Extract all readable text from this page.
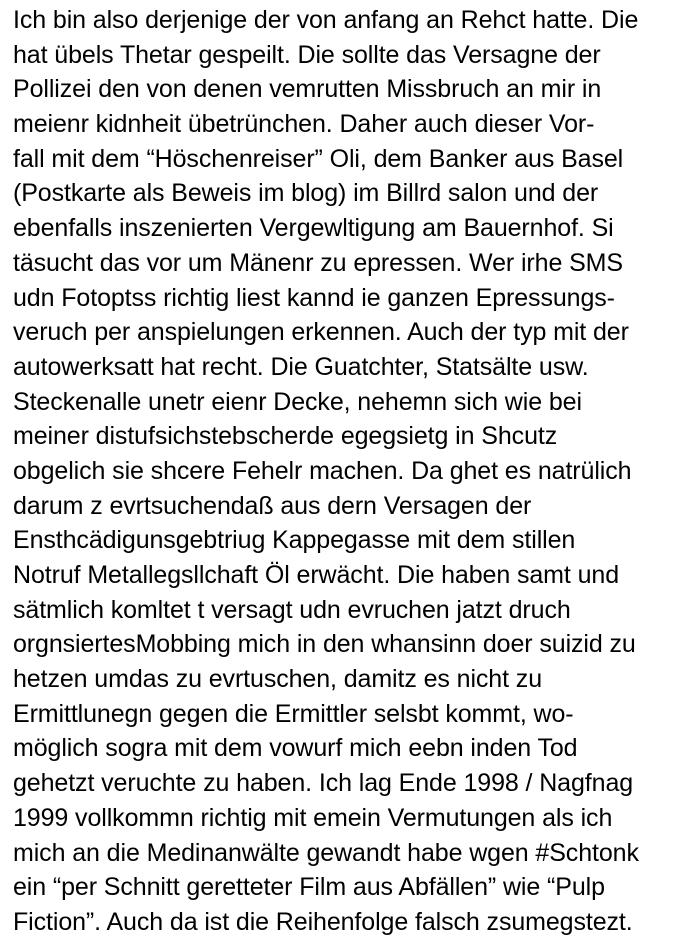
Ich bin also derjenige der von anfang an Rehct hatte. Die
hat übels Thetar gespeilt. Die sollte das Versagne der
Pollizei den von denen vemrutten Missbruch an mir in
meienr kidnheit übetrünchen. Daher auch dieser Vor-
fall mit dem “Höschenreiser” Oli, dem Banker aus Basel
(Postkarte als Beweis im blog) im Billrd salon und der
ebenfalls inszenierten Vergewltigung am Bauernhof. Si
täsucht das vor um Mänenr zu epressen. Wer irhe SMS
udn Fotoptss richtig liest kannd ie ganzen Epressungs-
veruch per anspielungen erkennen. Auch der typ mit der
autowerksatt hat recht. Die Guatchter, Statsälte usw.
Steckenalle unetr eienr Decke, nehemn sich wie bei
meiner distufsichstebscherde egegsietg in Shcutz
obgelich sie shcere Fehelr machen. Da ghet es natrülich
darum z evrtsuchendaß aus dern Versagen der
Ensthcädigunsgebtriug Kappegasse mit dem stillen
Notruf Metallegsllchaft Öl erwächt. Die haben samt und
sätmlich komltet t versagt udn evruchen jatzt druch
orgnsiertesMobbing mich in den whansinn doer suizid zu
hetzen umdas zu evrtuschen, damitz es nicht zu
Ermittlunegn gegen die Ermittler selsbt kommt, wo-
möglich sogra mit dem vowurf mich eebn inden Tod
gehetzt veruchte zu haben. Ich lag Ende 1998 / Nagfnag
1999 vollkommn richtig mit emein Vermutungen als ich
mich an die Medinanwälte gewandt habe wgen #Schtonk
ein “per Schnitt geretteter Film aus Abfällen” wie “Pulp
Fiction”. Auch da ist die Reihenfolge falsch zsumegstezt.
